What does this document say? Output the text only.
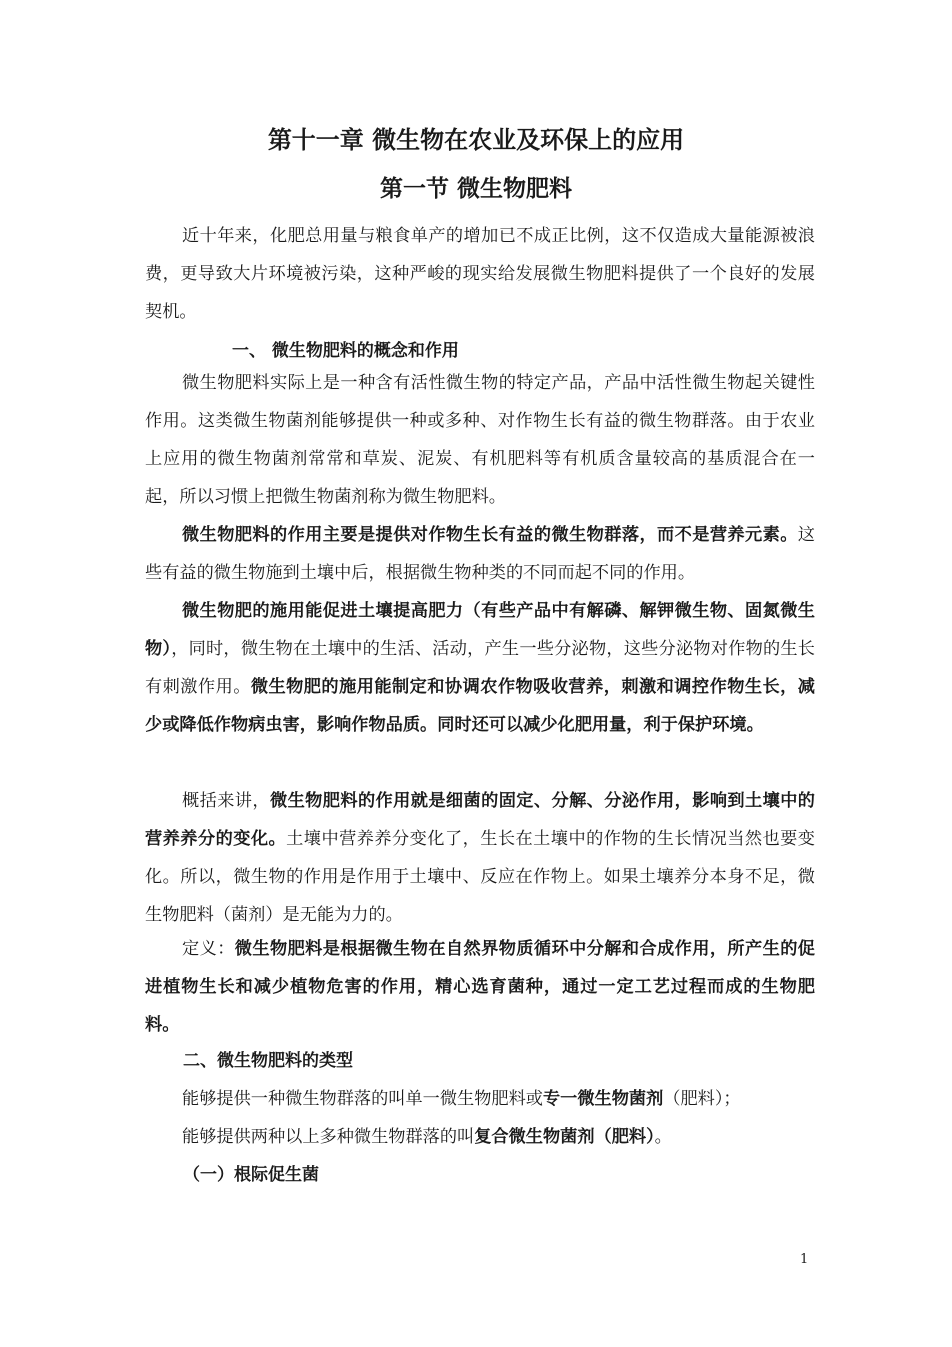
第十一章 微生物在农业及环保上的应用
第一节 微生物肥料
近十年来，化肥总用量与粮食单产的增加已不成正比例，这不仅造成大量能源被浪费，更导致大片环境被污染，这种严峻的现实给发展微生物肥料提供了一个良好的发展契机。
一、 微生物肥料的概念和作用
微生物肥料实际上是一种含有活性微生物的特定产品，产品中活性微生物起关键性作用。这类微生物菌剂能够提供一种或多种、对作物生长有益的微生物群落。由于农业上应用的微生物菌剂常常和草炭、泥炭、有机肥料等有机质含量较高的基质混合在一起，所以习惯上把微生物菌剂称为微生物肥料。
微生物肥料的作用主要是提供对作物生长有益的微生物群落，而不是营养元素。这些有益的微生物施到土壤中后，根据微生物种类的不同而起不同的作用。
微生物肥的施用能促进土壤提高肥力（有些产品中有解磷、解钾微生物、固氮微生物），同时，微生物在土壤中的生活、活动，产生一些分泌物，这些分泌物对作物的生长有刺激作用。微生物肥的施用能制定和协调农作物吸收营养，刺激和调控作物生长，减少或降低作物病虫害，影响作物品质。同时还可以减少化肥用量，利于保护环境。
概括来讲，微生物肥料的作用就是细菌的固定、分解、分泌作用，影响到土壤中的营养养分的变化。土壤中营养养分变化了，生长在土壤中的作物的生长情况当然也要变化。所以，微生物的作用是作用于土壤中、反应在作物上。如果土壤养分本身不足，微生物肥料（菌剂）是无能为力的。
定义：微生物肥料是根据微生物在自然界物质循环中分解和合成作用，所产生的促进植物生长和减少植物危害的作用，精心选育菌种，通过一定工艺过程而成的生物肥料。
二、微生物肥料的类型
能够提供一种微生物群落的叫单一微生物肥料或专一微生物菌剂（肥料）；
能够提供两种以上多种微生物群落的叫复合微生物菌剂（肥料）。
（一）根际促生菌
1
